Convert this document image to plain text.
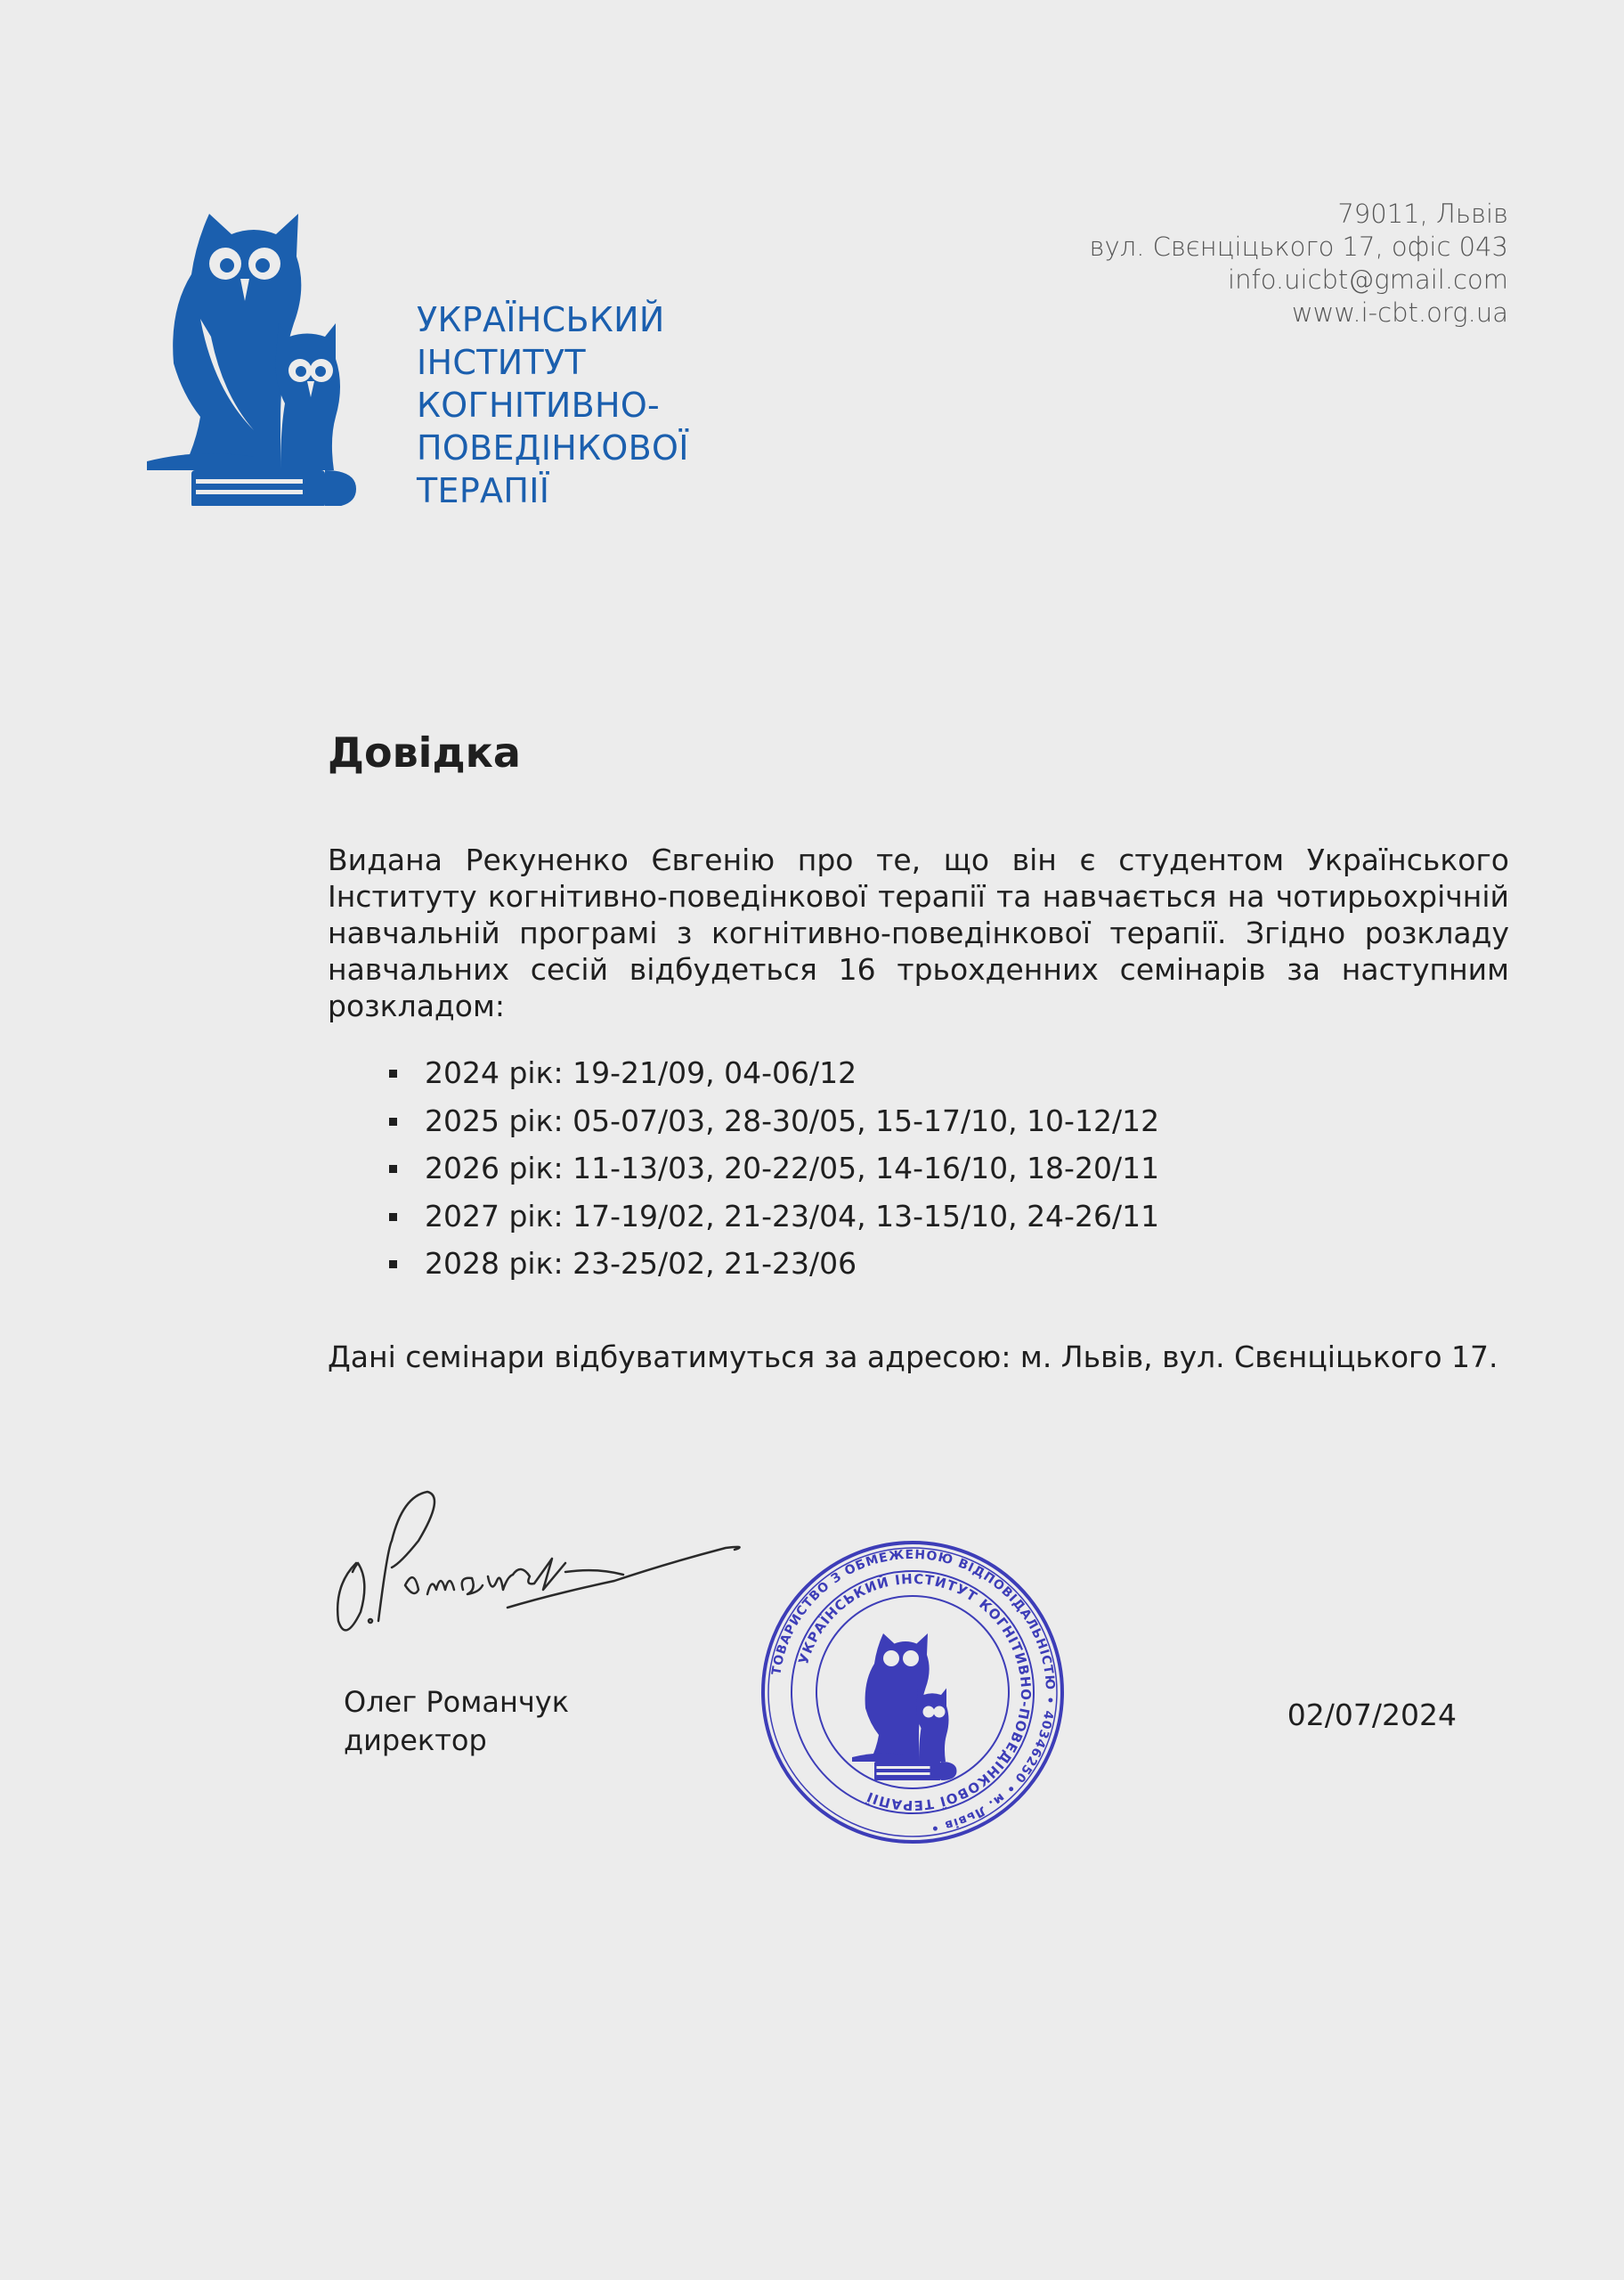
УКРАЇНСЬКИЙ
ІНСТИТУТ
КОГНІТИВНО-
ПОВЕДІНКОВОЇ
ТЕРАПІЇ
79011, Львів
вул. Свєнціцького 17, офіс 043
info.uicbt@gmail.com
www.i-cbt.org.ua
Довідка
Видана Рекуненко Євгенію про те, що він є студентом Українського Інституту когнітивно-поведінкової терапії та навчається на чотирьохрічній навчальній програмі з когнітивно-поведінкової терапії. Згідно розкладу навчальних сесій відбудеться 16 трьохденних семінарів за наступним розкладом:
2024 рік: 19-21/09, 04-06/12
2025 рік: 05-07/03, 28-30/05, 15-17/10, 10-12/12
2026 рік: 11-13/03, 20-22/05, 14-16/10, 18-20/11
2027 рік: 17-19/02, 21-23/04, 13-15/10, 24-26/11
2028 рік: 23-25/02, 21-23/06
Дані семінари відбуватимуться за адресою: м. Львів, вул. Свєнціцького 17.
Олег Романчук
директор
ТОВАРИСТВО З ОБМЕЖЕНОЮ ВІДПОВІДАЛЬНІСТЮ • 40346250 • м. Львів •
УКРАЇНСЬКИЙ ІНСТИТУТ КОГНІТИВНО-ПОВЕДІНКОВОЇ ТЕРАПІЇ
02/07/2024
